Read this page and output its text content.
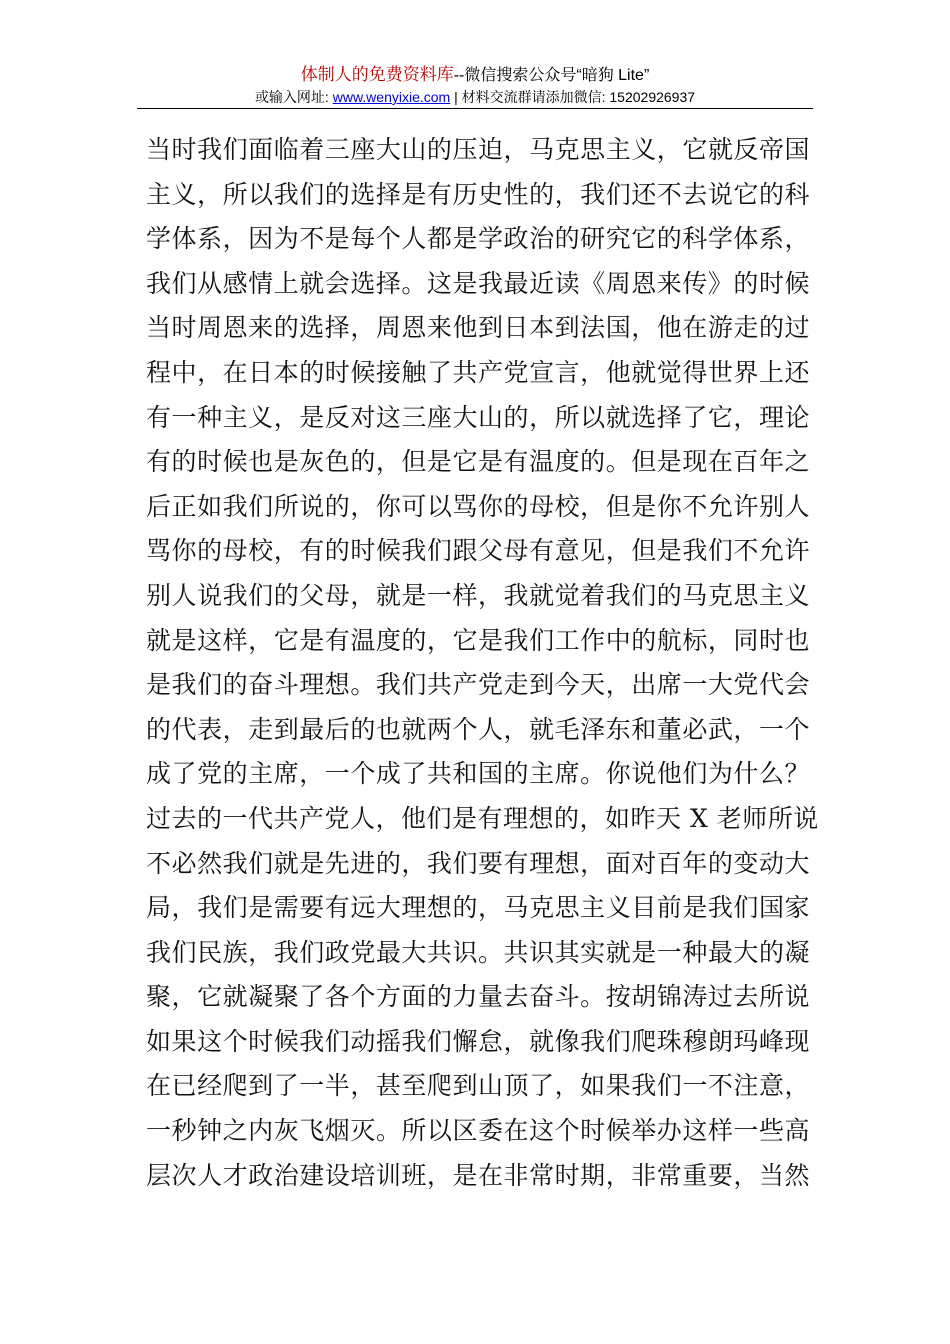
体制人的免费资料库--微信搜索公众号“暗狗 Lite”
或输入网址: www.wenyixie.com | 材料交流群请添加微信: 15202926937
当时我们面临着三座大山的压迫，马克思主义，它就反帝国
主义，所以我们的选择是有历史性的，我们还不去说它的科
学体系，因为不是每个人都是学政治的研究它的科学体系，
我们从感情上就会选择。这是我最近读《周恩来传》的时候
当时周恩来的选择，周恩来他到日本到法国，他在游走的过
程中，在日本的时候接触了共产党宣言，他就觉得世界上还
有一种主义，是反对这三座大山的，所以就选择了它，理论
有的时候也是灰色的，但是它是有温度的。但是现在百年之
后正如我们所说的，你可以骂你的母校，但是你不允许别人
骂你的母校，有的时候我们跟父母有意见，但是我们不允许
别人说我们的父母，就是一样，我就觉着我们的马克思主义
就是这样，它是有温度的，它是我们工作中的航标，同时也
是我们的奋斗理想。我们共产党走到今天，出席一大党代会
的代表，走到最后的也就两个人，就毛泽东和董必武，一个
成了党的主席，一个成了共和国的主席。你说他们为什么？
过去的一代共产党人，他们是有理想的，如昨天 X 老师所说
不必然我们就是先进的，我们要有理想，面对百年的变动大
局，我们是需要有远大理想的，马克思主义目前是我们国家
我们民族，我们政党最大共识。共识其实就是一种最大的凝
聚，它就凝聚了各个方面的力量去奋斗。按胡锦涛过去所说
如果这个时候我们动摇我们懈怠，就像我们爬珠穆朗玛峰现
在已经爬到了一半，甚至爬到山顶了，如果我们一不注意，
一秒钟之内灰飞烟灭。所以区委在这个时候举办这样一些高
层次人才政治建设培训班，是在非常时期，非常重要，当然
